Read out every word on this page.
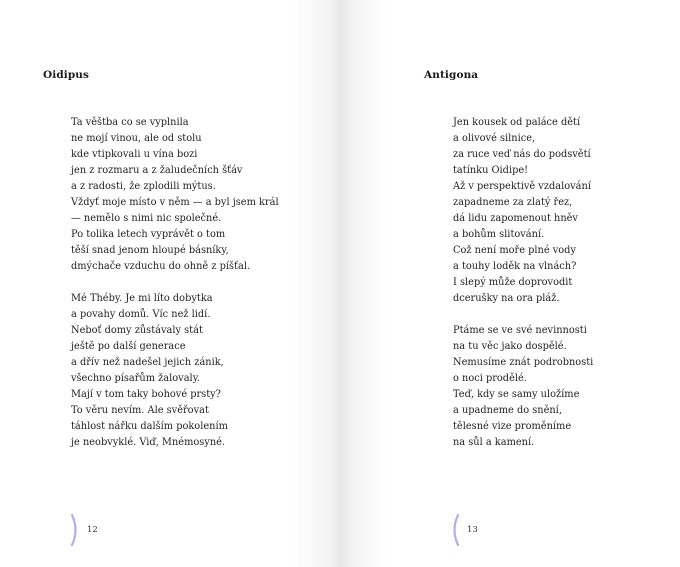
Oidipus
Ta věštba co se vyplnila
ne mojí vinou, ale od stolu
kde vtipkovali u vína bozi
jen z rozmaru a z žaludečních šťáv
a z radosti, že zplodili mýtus.
Vždyť moje místo v něm — a byl jsem král
— nemělo s nimi nic společné.
Po tolika letech vyprávět o tom
těší snad jenom hloupé básníky,
dmýchače vzduchu do ohně z píšťal.
Mé Théby. Je mi líto dobytka
a povahy domů. Víc než lidí.
Neboť domy zůstávaly stát
ještě po další generace
a dřív než nadešel jejich zánik,
všechno písařům žalovaly.
Mají v tom taky bohové prsty?
To věru nevím. Ale svěřovat
táhlost nářku dalším pokolením
je neobvyklé. Viď, Mnémosyné.
12
Antigona
Jen kousek od paláce dětí
a olivové silnice,
za ruce veď nás do podsvětí
tatínku Oidipe!
Až v perspektivě vzdalování
zapadneme za zlatý řez,
dá lidu zapomenout hněv
a bohům slitování.
Což není moře plné vody
a touhy loděk na vlnách?
I slepý může doprovodit
dcerušky na ora pláž.
Ptáme se ve své nevinnosti
na tu věc jako dospělé.
Nemusíme znát podrobnosti
o noci prodělé.
Teď, kdy se samy uložíme
a upadneme do snění,
tělesné vize proměníme
na sůl a kamení.
13
